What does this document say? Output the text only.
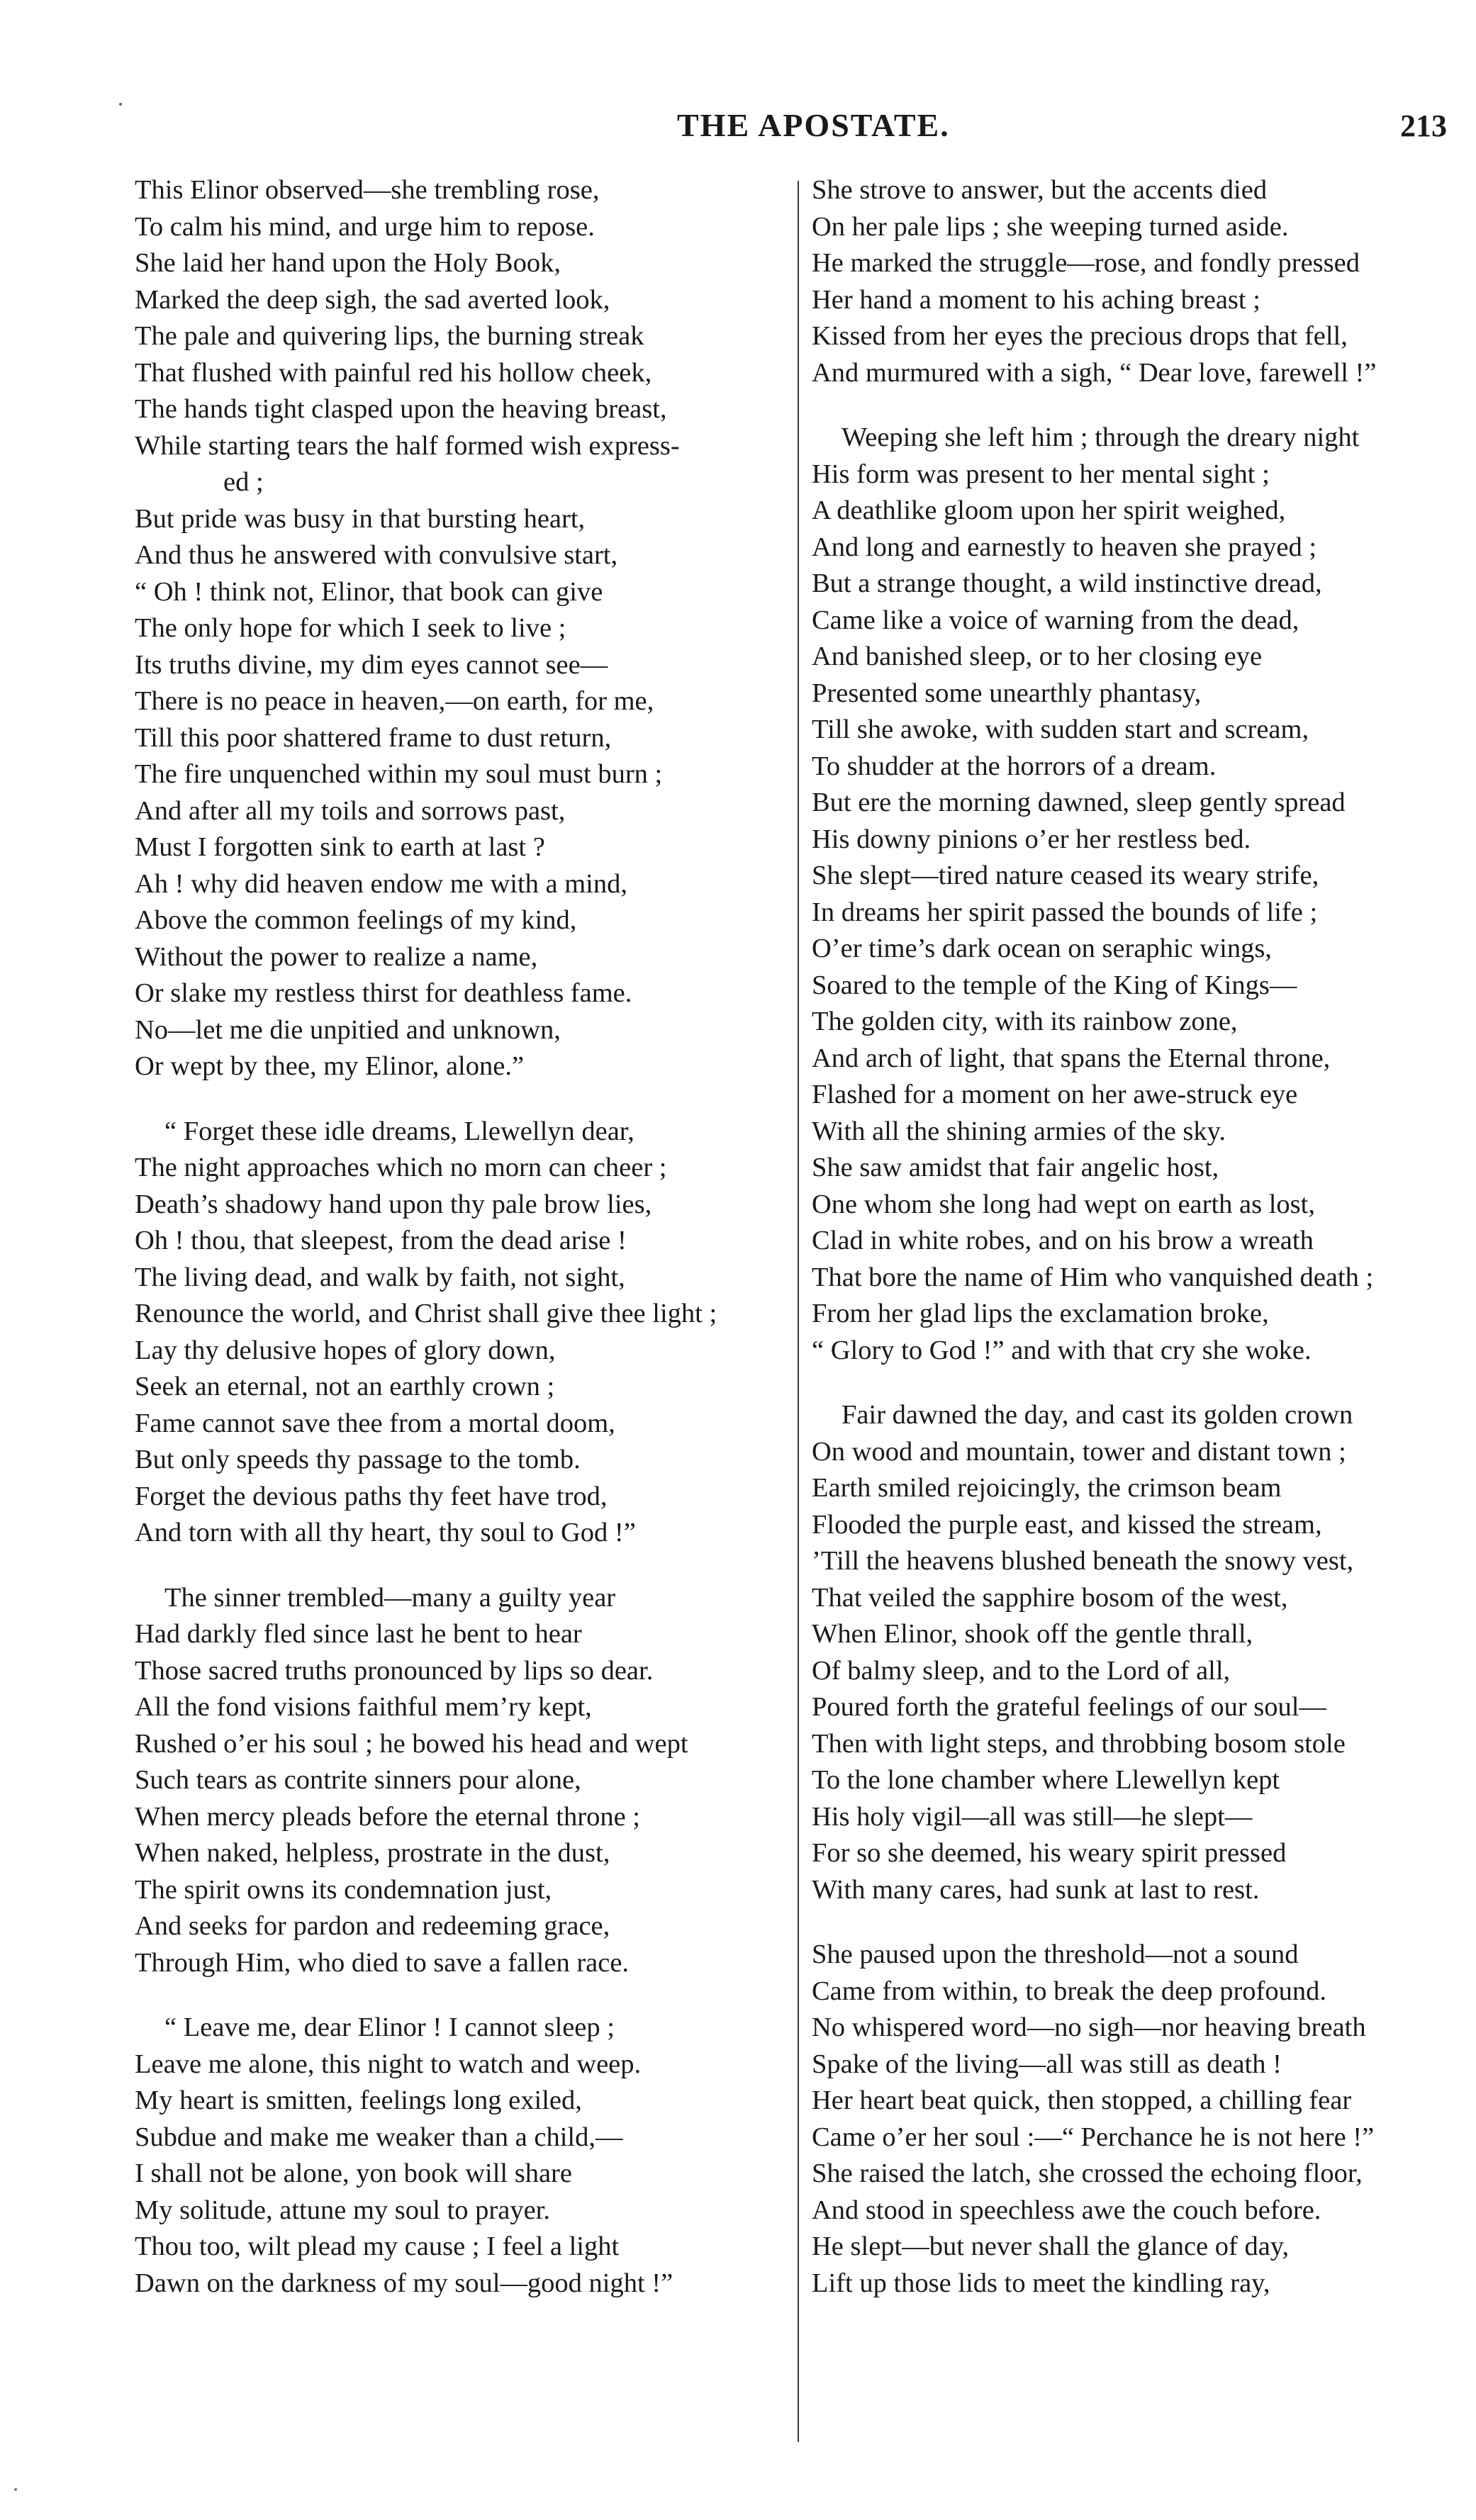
THE APOSTATE.	213
This Elinor observed—she trembling rose,
To calm his mind, and urge him to repose.
She laid her hand upon the Holy Book,
Marked the deep sigh, the sad averted look,
The pale and quivering lips, the burning streak
That flushed with painful red his hollow cheek,
The hands tight clasped upon the heaving breast,
While starting tears the half formed wish express-
ed ;
But pride was busy in that bursting heart,
And thus he answered with convulsive start,
“ Oh ! think not, Elinor, that book can give
The only hope for which I seek to live ;
Its truths divine, my dim eyes cannot see—
There is no peace in heaven,—on earth, for me,
Till this poor shattered frame to dust return,
The fire unquenched within my soul must burn ;
And after all my toils and sorrows past,
Must I forgotten sink to earth at last ?
Ah ! why did heaven endow me with a mind,
Above the common feelings of my kind,
Without the power to realize a name,
Or slake my restless thirst for deathless fame.
No—let me die unpitied and unknown,
Or wept by thee, my Elinor, alone.”
“ Forget these idle dreams, Llewellyn dear,
The night approaches which no morn can cheer ;
Death’s shadowy hand upon thy pale brow lies,
Oh ! thou, that sleepest, from the dead arise !
The living dead, and walk by faith, not sight,
Renounce the world, and Christ shall give thee light ;
Lay thy delusive hopes of glory down,
Seek an eternal, not an earthly crown ;
Fame cannot save thee from a mortal doom,
But only speeds thy passage to the tomb.
Forget the devious paths thy feet have trod,
And torn with all thy heart, thy soul to God !”
The sinner trembled—many a guilty year
Had darkly fled since last he bent to hear
Those sacred truths pronounced by lips so dear.
All the fond visions faithful mem’ry kept,
Rushed o’er his soul ; he bowed his head and wept
Such tears as contrite sinners pour alone,
When mercy pleads before the eternal throne ;
When naked, helpless, prostrate in the dust,
The spirit owns its condemnation just,
And seeks for pardon and redeeming grace,
Through Him, who died to save a fallen race.
“ Leave me, dear Elinor ! I cannot sleep ;
Leave me alone, this night to watch and weep.
My heart is smitten, feelings long exiled,
Subdue and make me weaker than a child,—
I shall not be alone, yon book will share
My solitude, attune my soul to prayer.
Thou too, wilt plead my cause ; I feel a light
Dawn on the darkness of my soul—good night !”
She strove to answer, but the accents died
On her pale lips ; she weeping turned aside.
He marked the struggle—rose, and fondly pressed
Her hand a moment to his aching breast ;
Kissed from her eyes the precious drops that fell,
And murmured with a sigh, “ Dear love, farewell !”
Weeping she left him ; through the dreary night
His form was present to her mental sight ;
A deathlike gloom upon her spirit weighed,
And long and earnestly to heaven she prayed ;
But a strange thought, a wild instinctive dread,
Came like a voice of warning from the dead,
And banished sleep, or to her closing eye
Presented some unearthly phantasy,
Till she awoke, with sudden start and scream,
To shudder at the horrors of a dream.
But ere the morning dawned, sleep gently spread
His downy pinions o’er her restless bed.
She slept—tired nature ceased its weary strife,
In dreams her spirit passed the bounds of life ;
O’er time’s dark ocean on seraphic wings,
Soared to the temple of the King of Kings—
The golden city, with its rainbow zone,
And arch of light, that spans the Eternal throne,
Flashed for a moment on her awe-struck eye
With all the shining armies of the sky.
She saw amidst that fair angelic host,
One whom she long had wept on earth as lost,
Clad in white robes, and on his brow a wreath
That bore the name of Him who vanquished death ;
From her glad lips the exclamation broke,
“ Glory to God !” and with that cry she woke.
Fair dawned the day, and cast its golden crown
On wood and mountain, tower and distant town ;
Earth smiled rejoicingly, the crimson beam
Flooded the purple east, and kissed the stream,
’Till the heavens blushed beneath the snowy vest,
That veiled the sapphire bosom of the west,
When Elinor, shook off the gentle thrall,
Of balmy sleep, and to the Lord of all,
Poured forth the grateful feelings of our soul—
Then with light steps, and throbbing bosom stole
To the lone chamber where Llewellyn kept
His holy vigil—all was still—he slept—
For so she deemed, his weary spirit pressed
With many cares, had sunk at last to rest.
She paused upon the threshold—not a sound
Came from within, to break the deep profound.
No whispered word—no sigh—nor heaving breath
Spake of the living—all was still as death !
Her heart beat quick, then stopped, a chilling fear
Came o’er her soul :—“ Perchance he is not here !”
She raised the latch, she crossed the echoing floor,
And stood in speechless awe the couch before.
He slept—but never shall the glance of day,
Lift up those lids to meet the kindling ray,
